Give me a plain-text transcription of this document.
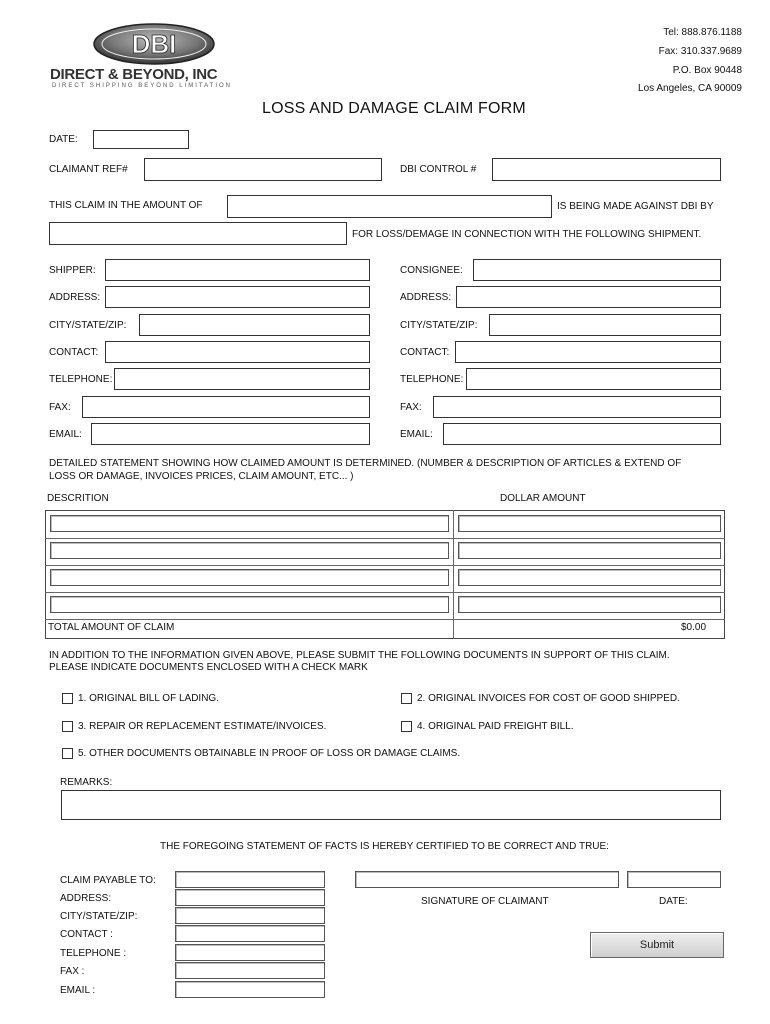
DBI
DIRECT & BEYOND, INC
DIRECT SHIPPING BEYOND LIMITATION
Tel: 888.876.1188
Fax: 310.337.9689
P.O. Box 90448
Los Angeles, CA 90009
LOSS AND DAMAGE CLAIM FORM
DATE:
CLAIMANT REF#	DBI CONTROL #
THIS CLAIM IN THE AMOUNT OF	IS BEING MADE AGAINST DBI BY
FOR LOSS/DEMAGE IN CONNECTION WITH THE FOLLOWING SHIPMENT.
SHIPPER:
ADDRESS:
CITY/STATE/ZIP:
CONTACT:
TELEPHONE:
FAX:
EMAIL:
CONSIGNEE:
ADDRESS:
CITY/STATE/ZIP:
CONTACT:
TELEPHONE:
FAX:
EMAIL:
DETAILED STATEMENT SHOWING HOW CLAIMED AMOUNT IS DETERMINED. (NUMBER & DESCRIPTION OF ARTICLES & EXTEND OF
LOSS OR DAMAGE, INVOICES PRICES, CLAIM AMOUNT, ETC... )
DESCRITION	DOLLAR AMOUNT
TOTAL AMOUNT OF CLAIM	$0.00
IN ADDITION TO THE INFORMATION GIVEN ABOVE, PLEASE SUBMIT THE FOLLOWING DOCUMENTS IN SUPPORT OF THIS CLAIM.
PLEASE INDICATE DOCUMENTS ENCLOSED WITH A CHECK MARK
1. ORIGINAL BILL OF LADING.	2. ORIGINAL INVOICES FOR COST OF GOOD SHIPPED.
3. REPAIR OR REPLACEMENT ESTIMATE/INVOICES.	4. ORIGINAL PAID FREIGHT BILL.
5. OTHER DOCUMENTS OBTAINABLE IN PROOF OF LOSS OR DAMAGE CLAIMS.
REMARKS:
THE FOREGOING STATEMENT OF FACTS IS HEREBY CERTIFIED TO BE CORRECT AND TRUE:
CLAIM PAYABLE TO:
ADDRESS:
CITY/STATE/ZIP:
CONTACT :
TELEPHONE :
FAX :
EMAIL :
SIGNATURE OF CLAIMANT	DATE:
Submit
